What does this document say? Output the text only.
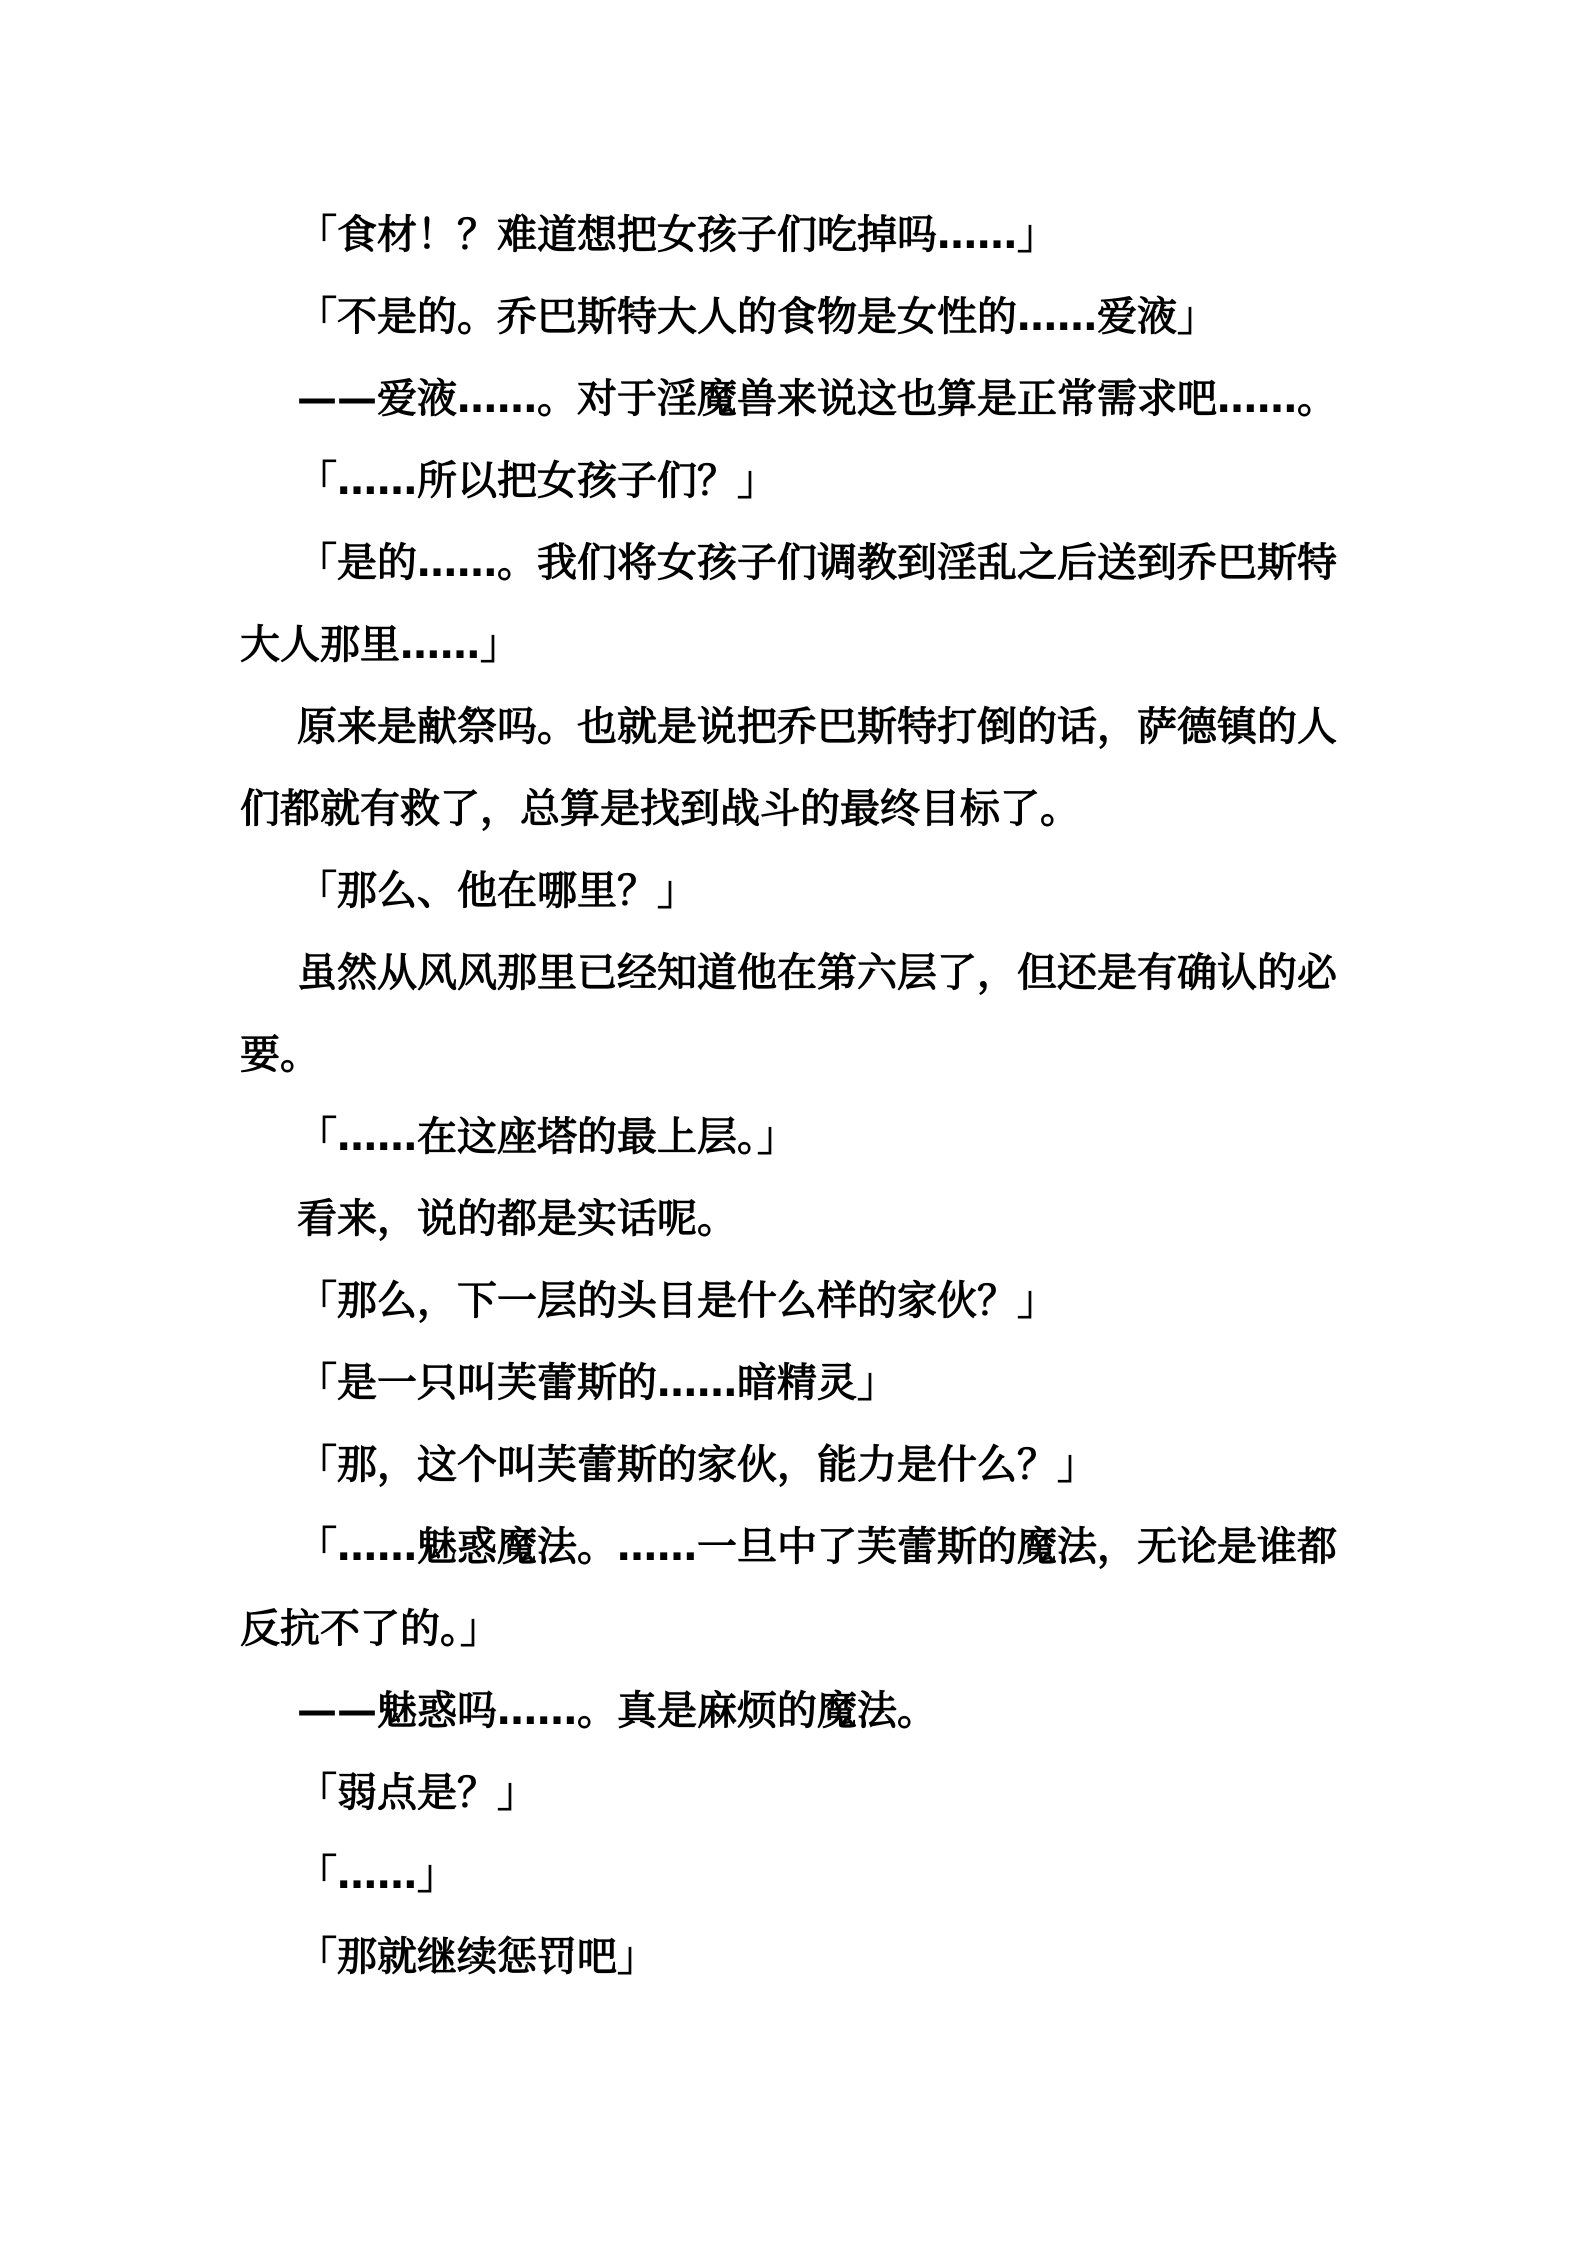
「食材！？难道想把女孩子们吃掉吗……」

「不是的。乔巴斯特大人的食物是女性的……爱液」

——爱液……。对于淫魔兽来说这也算是正常需求吧……。

「……所以把女孩子们？」

「是的……。我们将女孩子们调教到淫乱之后送到乔巴斯特大人那里……」

原来是献祭吗。也就是说把乔巴斯特打倒的话，萨德镇的人们都就有救了，总算是找到战斗的最终目标了。

「那么、他在哪里？」

虽然从风风那里已经知道他在第六层了，但还是有确认的必要。

「……在这座塔的最上层。」

看来，说的都是实话呢。

「那么，下一层的头目是什么样的家伙？」

「是一只叫芙蕾斯的……暗精灵」

「那，这个叫芙蕾斯的家伙，能力是什么？」

「……魅惑魔法。……一旦中了芙蕾斯的魔法，无论是谁都反抗不了的。」

——魅惑吗……。真是麻烦的魔法。

「弱点是？」

「……」

「那就继续惩罚吧」
